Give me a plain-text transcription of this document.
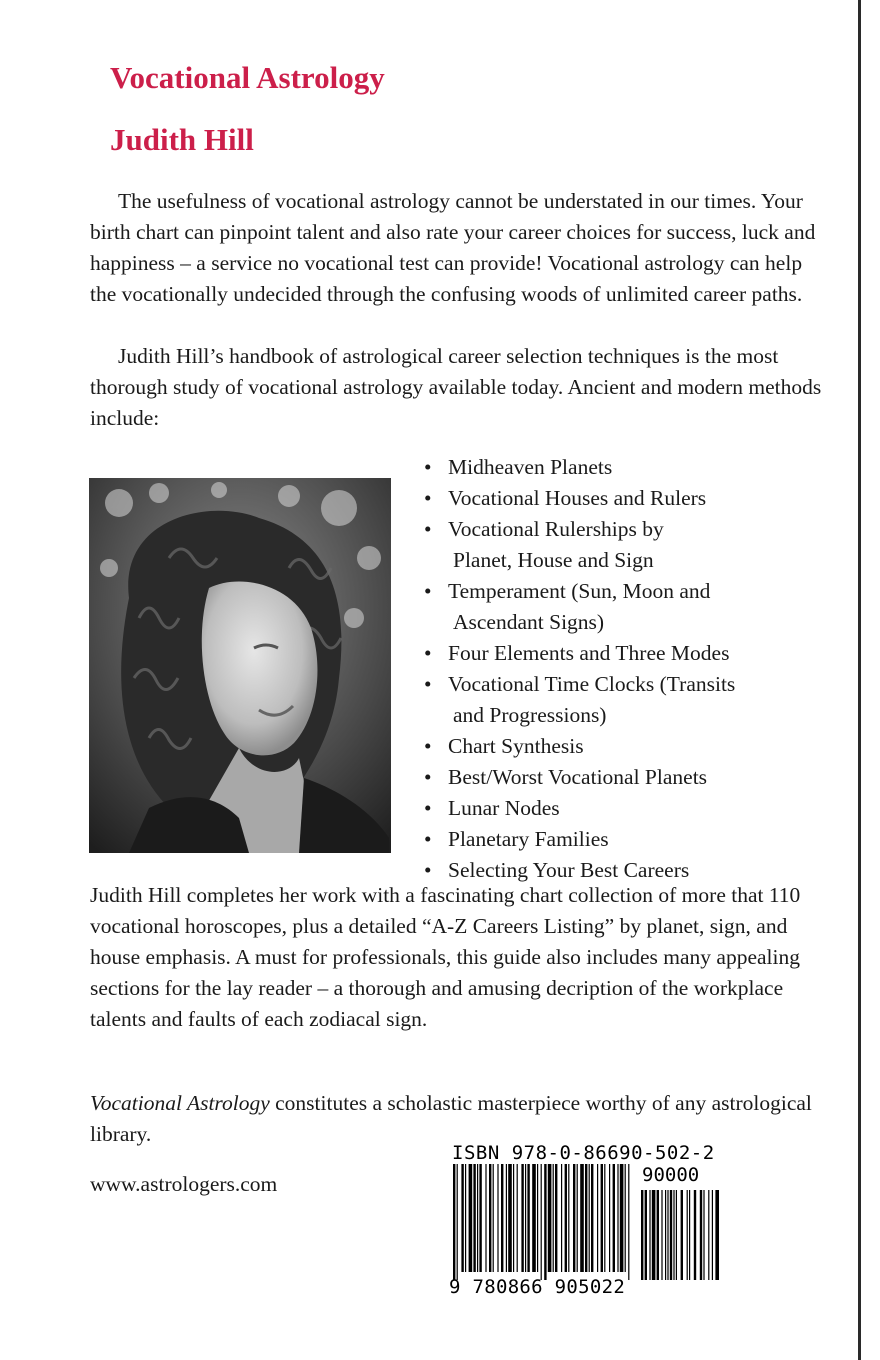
Vocational Astrology
Judith Hill

The usefulness of vocational astrology cannot be understated in our times. Your birth chart can pinpoint talent and also rate your career choices for success, luck and happiness – a service no vocational test can provide! Vocational astrology can help the vocationally undecided through the confusing woods of unlimited career paths.

Judith Hill’s handbook of astrological career selection techniques is the most thorough study of vocational astrology available today. Ancient and modern methods include:

• Midheaven Planets
• Vocational Houses and Rulers
• Vocational Rulerships by
Planet, House and Sign
• Temperament (Sun, Moon and
Ascendant Signs)
• Four Elements and Three Modes
• Vocational Time Clocks (Transits
and Progressions)
• Chart Synthesis
• Best/Worst Vocational Planets
• Lunar Nodes
• Planetary Families
• Selecting Your Best Careers

Judith Hill completes her work with a fascinating chart collection of more that 110 vocational horoscopes, plus a detailed “A-Z Careers Listing” by planet, sign, and house emphasis. A must for professionals, this guide also includes many appealing sections for the lay reader – a thorough and amusing decription of the workplace talents and faults of each zodiacal sign.

Vocational Astrology constitutes a scholastic masterpiece worthy of any astrological library.

www.astrologers.com

ISBN 978-0-86690-502-2

90000

9 780866 905022
